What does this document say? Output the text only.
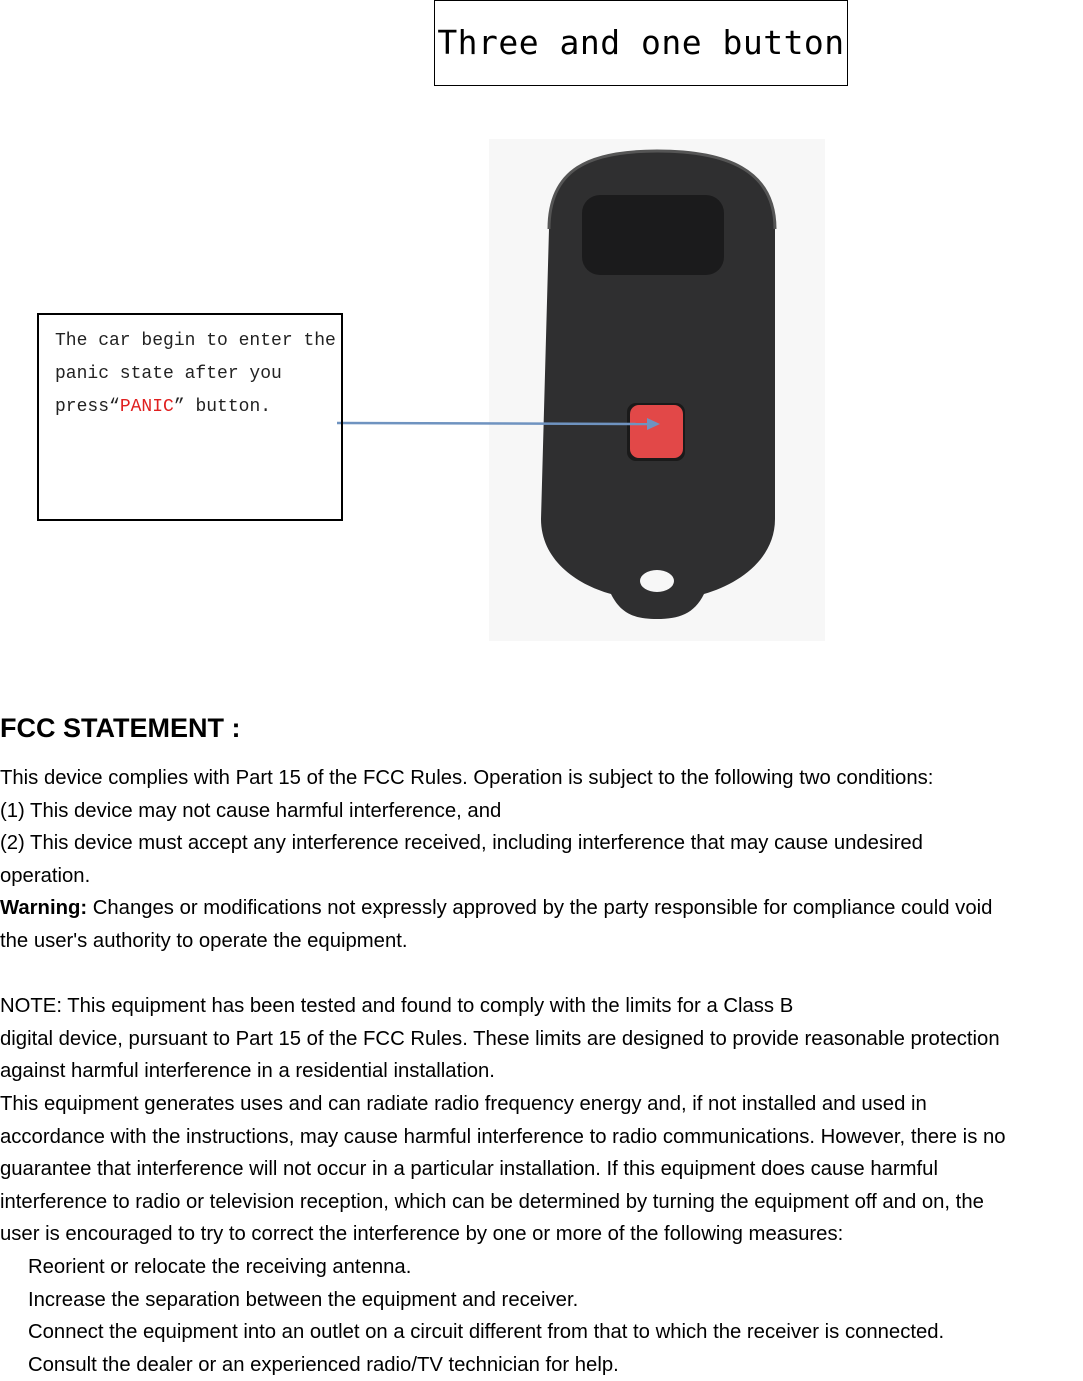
Three and one button
The car begin to enter the
panic state after you
press“PANIC” button.
FCC STATEMENT :

This device complies with Part 15 of the FCC Rules. Operation is subject to the following two conditions:

(1) This device may not cause harmful interference, and

(2) This device must accept any interference received, including interference that may cause undesired

operation.

Warning: Changes or modifications not expressly approved by the party responsible for compliance could void

the user's authority to operate the equipment.

NOTE: This equipment has been tested and found to comply with the limits for a Class B

digital device, pursuant to Part 15 of the FCC Rules. These limits are designed to provide reasonable protection

against harmful interference in a residential installation.

This equipment generates uses and can radiate radio frequency energy and, if not installed and used in

accordance with the instructions, may cause harmful interference to radio communications. However, there is no

guarantee that interference will not occur in a particular installation. If this equipment does cause harmful

interference to radio or television reception, which can be determined by turning the equipment off and on, the

user is encouraged to try to correct the interference by one or more of the following measures:

Reorient or relocate the receiving antenna.

Increase the separation between the equipment and receiver.

Connect the equipment into an outlet on a circuit different from that to which the receiver is connected.

Consult the dealer or an experienced radio/TV technician for help.
